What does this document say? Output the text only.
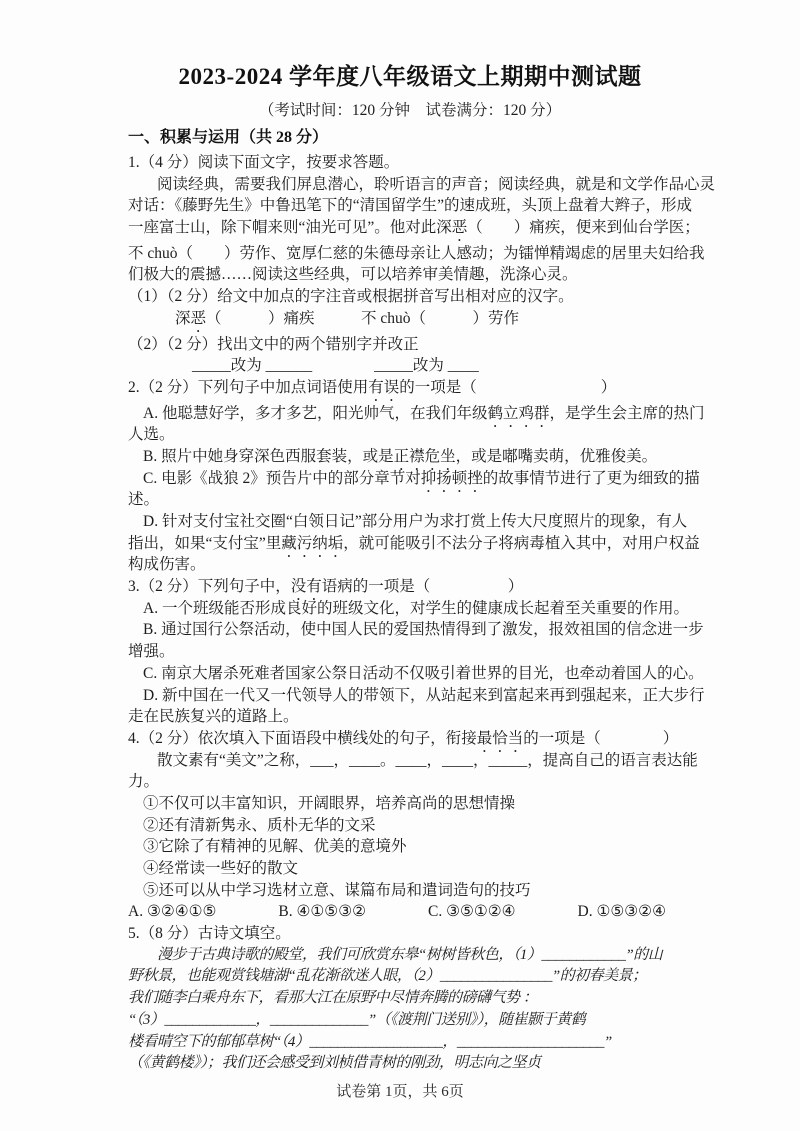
2023-2024 学年度八年级语文上期期中测试题
（考试时间：120 分钟　试卷满分：120 分）
一、积累与运用（共 28 分）
1.（4 分）阅读下面文字，按要求答题。
阅读经典，需要我们屏息潜心，聆听语言的声音；阅读经典，就是和文学作品心灵
对话：《藤野先生》中鲁迅笔下的“清国留学生”的速成班，头顶上盘着大辫子，形成
一座富士山，除下帽来则“油光可见”。他对此深恶（　　）痛疾，便来到仙台学医；
不 chuò（　　）劳作、宽厚仁慈的朱德母亲让人感动；为镭惮精竭虑的居里夫妇给我
们极大的震撼……阅读这些经典，可以培养审美情趣，洗涤心灵。
（1）（2 分）给文中加点的字注音或根据拼音写出相对应的汉字。
深恶（　　　）痛疾　　　不 chuò（　　　）劳作
（2）（2 分）找出文中的两个错别字并改正
_____改为 ______　　　　_____改为 ____
2.（2 分）下列句子中加点词语使用有误的一项是（　　　　　　　　）
A. 他聪慧好学，多才多艺，阳光帅气，在我们年级鹤立鸡群，是学生会主席的热门
人选。
B. 照片中她身穿深色西服套装，或是正襟危坐，或是嘟嘴卖萌，优雅俊美。
C. 电影《战狼 2》预告片中的部分章节对抑扬顿挫的故事情节进行了更为细致的描
述。
D. 针对支付宝社交圈“白领日记”部分用户为求打赏上传大尺度照片的现象，有人
指出，如果“支付宝”里藏污纳垢，就可能吸引不法分子将病毒植入其中，对用户权益
构成伤害。
3.（2 分）下列句子中，没有语病的一项是（　　　　　）
A. 一个班级能否形成良好的班级文化，对学生的健康成长起着至关重要的作用。
B. 通过国行公祭活动，使中国人民的爱国热情得到了激发，报效祖国的信念进一步
增强。
C. 南京大屠杀死难者国家公祭日活动不仅吸引着世界的目光，也牵动着国人的心。
D. 新中国在一代又一代领导人的带领下，从站起来到富起来再到强起来，正大步行
走在民族复兴的道路上。
4.（2 分）依次填入下面语段中横线处的句子，衔接最恰当的一项是（　　　　）
散文素有“美文”之称，___，____。____，____，_____，提高自己的语言表达能
力。
①不仅可以丰富知识，开阔眼界，培养高尚的思想情操
②还有清新隽永、质朴无华的文采
③它除了有精神的见解、优美的意境外
④经常读一些好的散文
⑤还可以从中学习选材立意、谋篇布局和遣词造句的技巧
A. ③②④①⑤　　　　B. ④①⑤③②　　　　C. ③⑤①②④　　　　D. ①⑤③②④
5.（8 分）古诗文填空。
漫步于古典诗歌的殿堂，我们可欣赏东皋“树树皆秋色，（1）____________”的山
野秋景，也能观赏钱塘湖“乱花渐欲迷人眼，（2）________________”的初春美景；
我们随李白乘舟东下，看那大江在原野中尽情奔腾的磅礴气势 ：
“（3）_____________，______________”（《渡荆门送别》），随崔颢于黄鹤
楼看晴空下的郁郁草树“（4）___________________，_____________________”
（《黄鹤楼》）；我们还会感受到刘桢借青树的刚劲，明志向之坚贞
试卷第 1页，共 6页
